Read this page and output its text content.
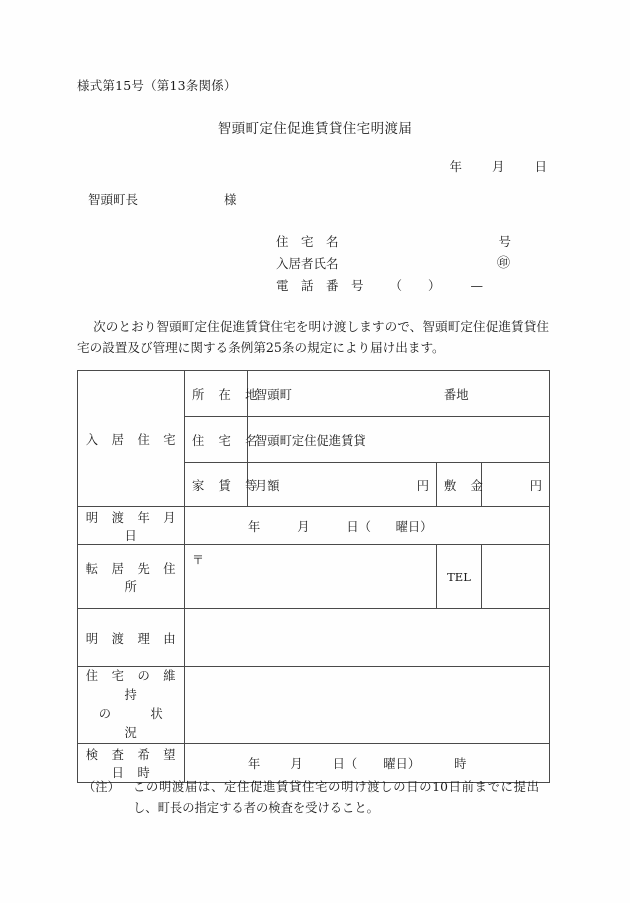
様式第15号（第13条関係）
智頭町定住促進賃貸住宅明渡届
年 月 日
智頭町長	様
住　宅　名	号
入居者氏名	㊞
電　話　番　号 （ ） —
次のとおり智頭町定住促進賃貸住宅を明け渡しますので、智頭町定住促進賃貸住宅の設置及び管理に関する条例第25条の規定により届け出ます。
入　居　住　宅	所　在　地	智頭町 番地		
	住　宅　名	智頭町定住促進賃貸		
	家　賃　等	月額 円	敷　金	円

明　渡　年　月　日	年　　　月　　　日（　　曜日）			
転　居　先　住　所	〒		TEL	
明　渡　理　由				

住　宅　の　維　持
の　　　状　　　況				

検　査　希　望　日　時	年 月 日（ 曜日） 時			
（注） この明渡届は、定住促進賃貸住宅の明け渡しの日の10日前までに提出し、町長の指定する者の検査を受けること。
